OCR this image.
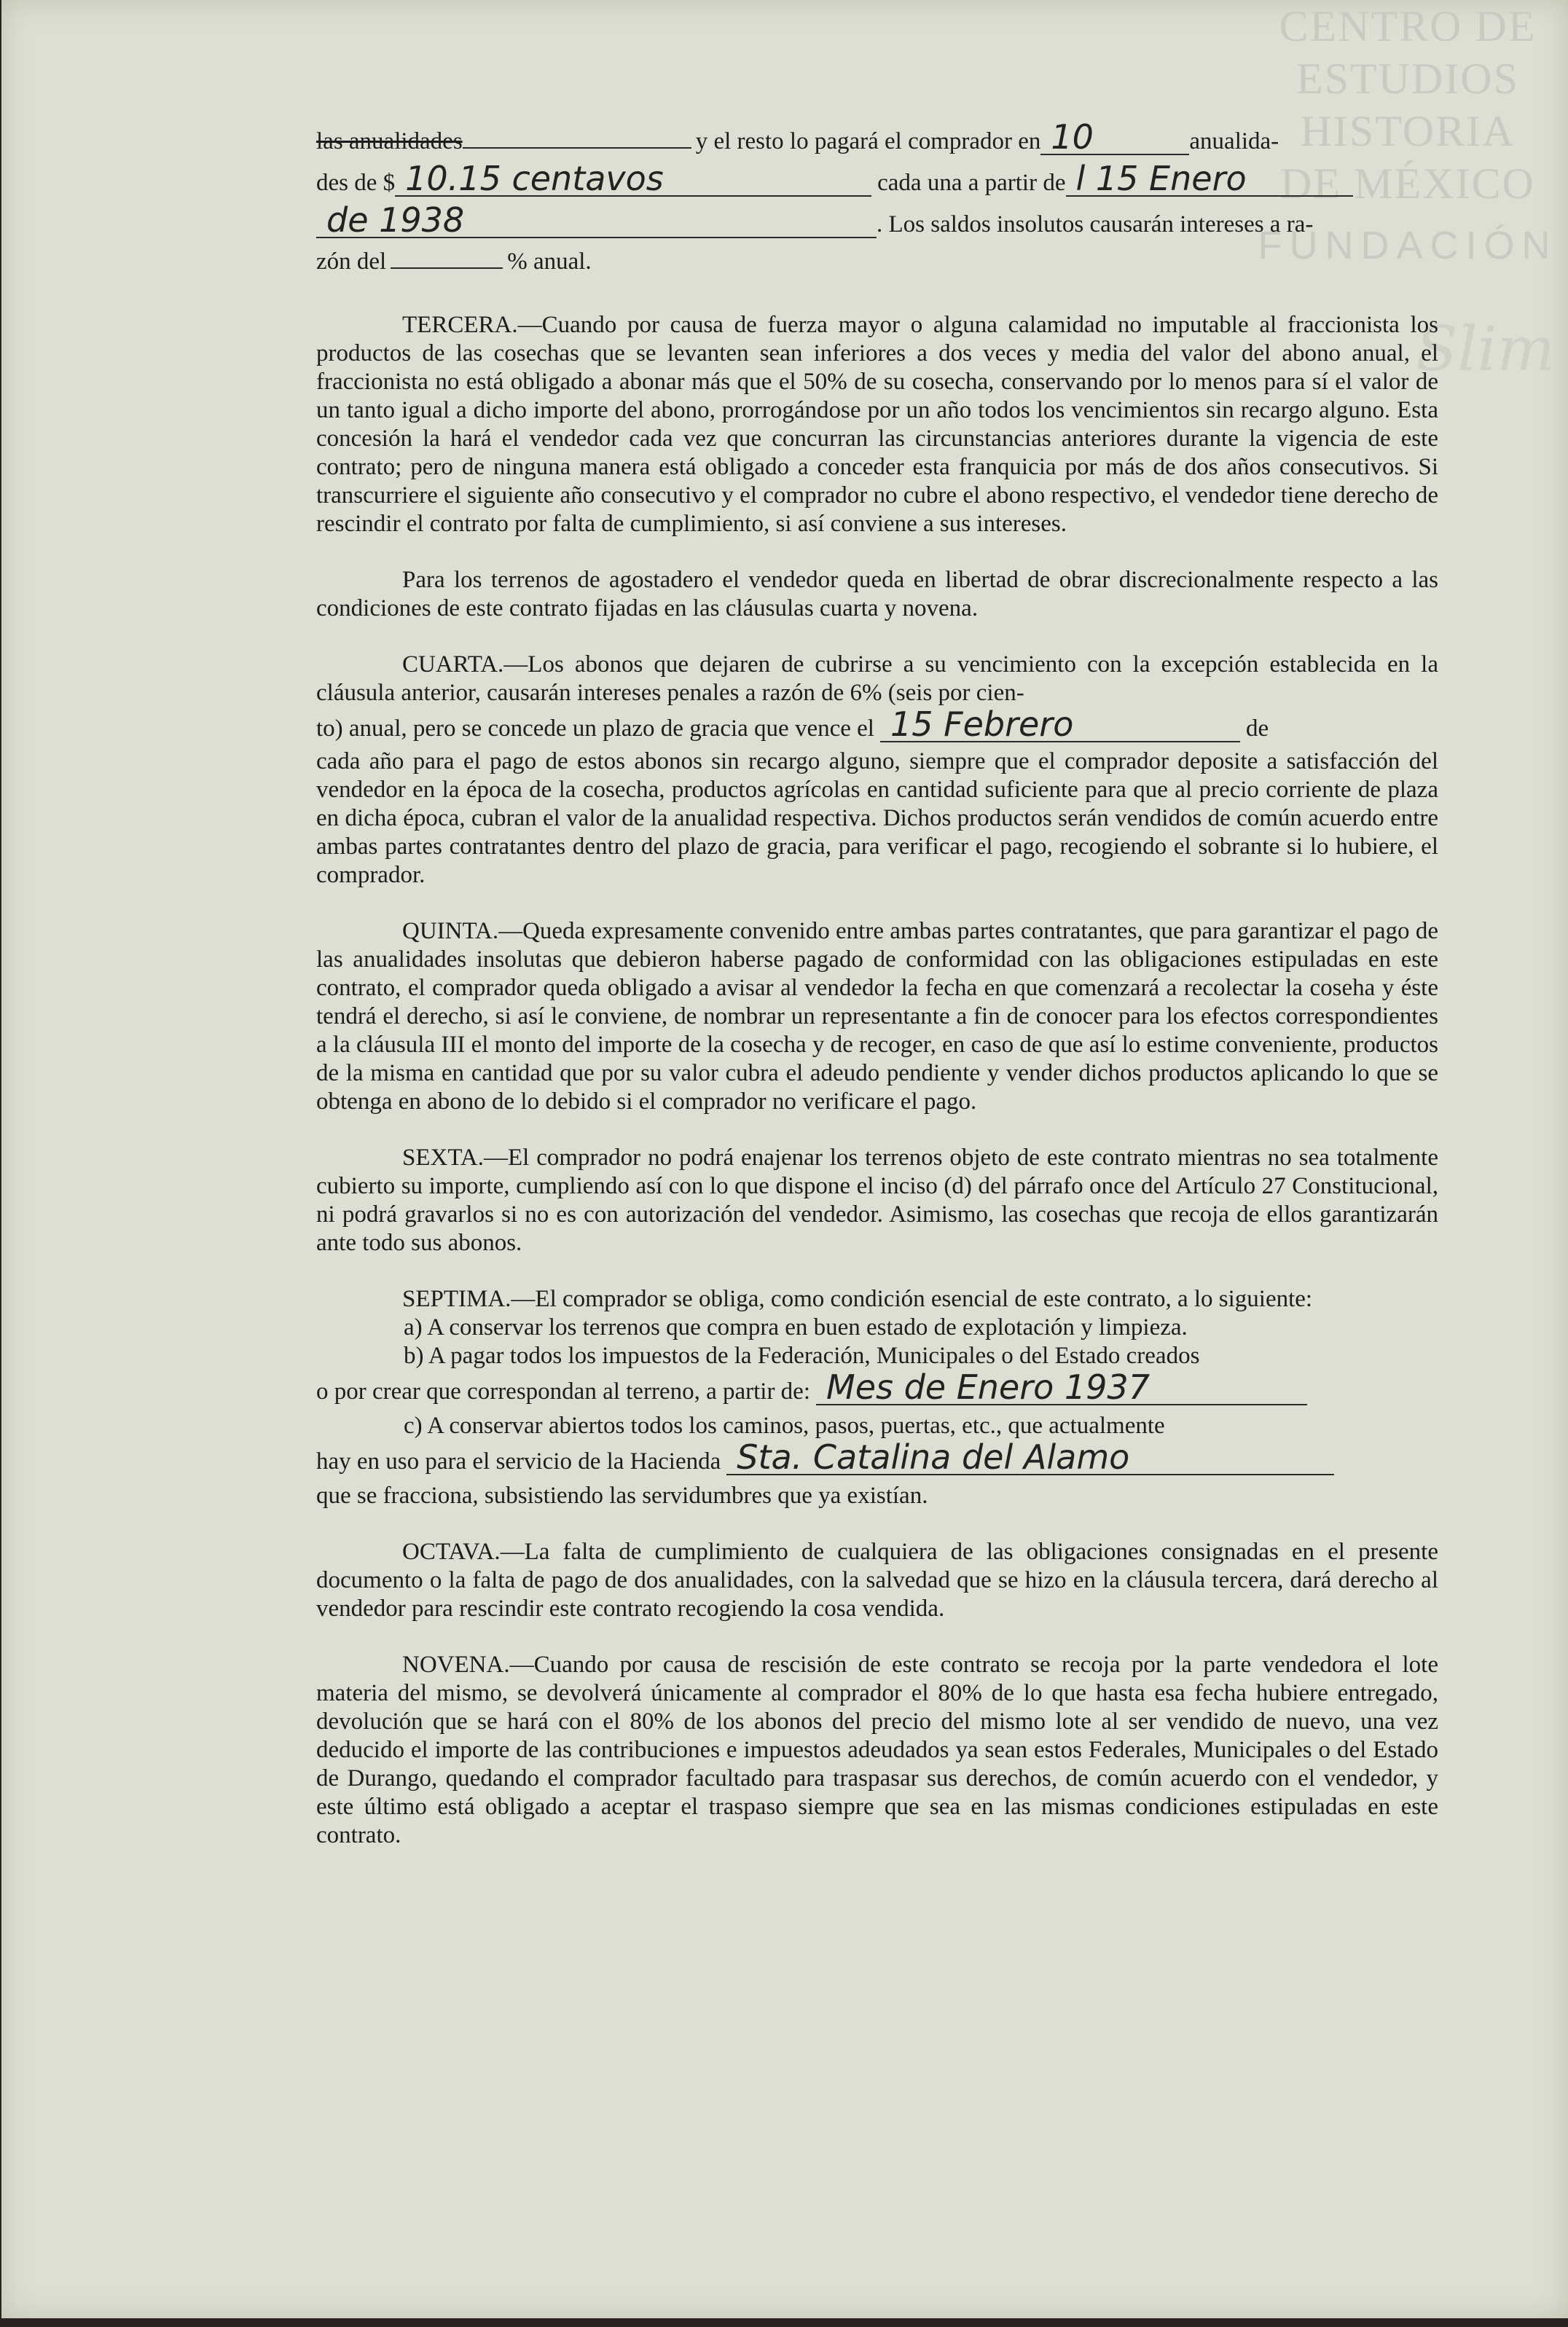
CENTRO DE
ESTUDIOS
HISTORIA
DE MÉXICO
FUNDACIÓN
Slim
las anualidades	y el resto lo pagará el comprador en 10	anualida-
des de $ 10.15 centavos	cada una a partir de l 15 Enero
de 1938	. Los saldos insolutos causarán intereses a ra-
zón del	% anual.

TERCERA.—Cuando por causa de fuerza mayor o alguna calamidad no imputable al fraccionista los productos de las cosechas que se levanten sean inferiores a dos veces y media del valor del abono anual, el fraccionista no está obligado a abonar más que el 50% de su cosecha, conservando por lo menos para sí el valor de un tanto igual a dicho importe del abono, prorrogándose por un año todos los vencimientos sin recargo alguno. Esta concesión la hará el vendedor cada vez que concurran las circunstancias anteriores durante la vigencia de este contrato; pero de ninguna manera está obligado a conceder esta franquicia por más de dos años consecutivos. Si transcurriere el siguiente año consecutivo y el comprador no cubre el abono respectivo, el vendedor tiene derecho de rescindir el contrato por falta de cumplimiento, si así conviene a sus intereses.

Para los terrenos de agostadero el vendedor queda en libertad de obrar discrecionalmente respecto a las condiciones de este contrato fijadas en las cláusulas cuarta y novena.

CUARTA.—Los abonos que dejaren de cubrirse a su vencimiento con la excepción establecida en la cláusula anterior, causarán intereses penales a razón de 6% (seis por cien-

to) anual, pero se concede un plazo de gracia que vence el 15 Febrero	de

cada año para el pago de estos abonos sin recargo alguno, siempre que el comprador deposite a satisfacción del vendedor en la época de la cosecha, productos agrícolas en cantidad suficiente para que al precio corriente de plaza en dicha época, cubran el valor de la anualidad respectiva. Dichos productos serán vendidos de común acuerdo entre ambas partes contratantes dentro del plazo de gracia, para verificar el pago, recogiendo el sobrante si lo hubiere, el comprador.

QUINTA.—Queda expresamente convenido entre ambas partes contratantes, que para garantizar el pago de las anualidades insolutas que debieron haberse pagado de conformidad con las obligaciones estipuladas en este contrato, el comprador queda obligado a avisar al vendedor la fecha en que comenzará a recolectar la coseha y éste tendrá el derecho, si así le conviene, de nombrar un representante a fin de conocer para los efectos correspondientes a la cláusula III el monto del importe de la cosecha y de recoger, en caso de que así lo estime conveniente, productos de la misma en cantidad que por su valor cubra el adeudo pendiente y vender dichos productos aplicando lo que se obtenga en abono de lo debido si el comprador no verificare el pago.

SEXTA.—El comprador no podrá enajenar los terrenos objeto de este contrato mientras no sea totalmente cubierto su importe, cumpliendo así con lo que dispone el inciso (d) del párrafo once del Artículo 27 Constitucional, ni podrá gravarlos si no es con autorización del vendedor. Asimismo, las cosechas que recoja de ellos garantizarán ante todo sus abonos.

SEPTIMA.—El comprador se obliga, como condición esencial de este contrato, a lo siguiente:

a) A conservar los terrenos que compra en buen estado de explotación y limpieza.
b) A pagar todos los impuestos de la Federación, Municipales o del Estado creados
o por crear que correspondan al terreno, a partir de: Mes de Enero 1937
c) A conservar abiertos todos los caminos, pasos, puertas, etc., que actualmente
hay en uso para el servicio de la Hacienda Sta. Catalina del Alamo

que se fracciona, subsistiendo las servidumbres que ya existían.

OCTAVA.—La falta de cumplimiento de cualquiera de las obligaciones consignadas en el presente documento o la falta de pago de dos anualidades, con la salvedad que se hizo en la cláusula tercera, dará derecho al vendedor para rescindir este contrato recogiendo la cosa vendida.

NOVENA.—Cuando por causa de rescisión de este contrato se recoja por la parte vendedora el lote materia del mismo, se devolverá únicamente al comprador el 80% de lo que hasta esa fecha hubiere entregado, devolución que se hará con el 80% de los abonos del precio del mismo lote al ser vendido de nuevo, una vez deducido el importe de las contribuciones e impuestos adeudados ya sean estos Federales, Municipales o del Estado de Durango, quedando el comprador facultado para traspasar sus derechos, de común acuerdo con el vendedor, y este último está obligado a aceptar el traspaso siempre que sea en las mismas condiciones estipuladas en este contrato.
